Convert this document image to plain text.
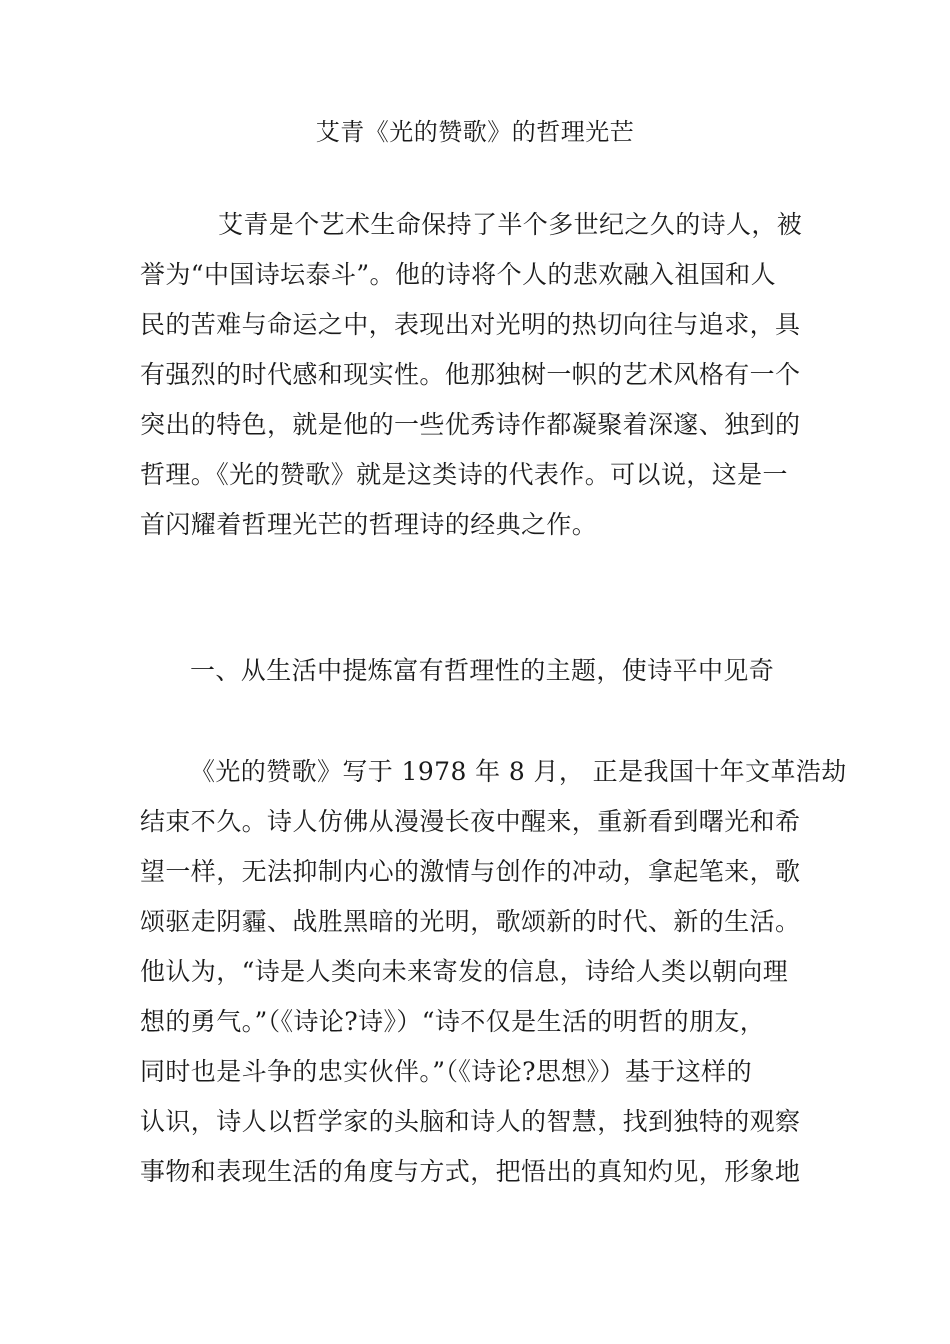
艾青《光的赞歌》的哲理光芒
艾青是个艺术生命保持了半个多世纪之久的诗人，被
誉为“中国诗坛泰斗”。他的诗将个人的悲欢融入祖国和人
民的苦难与命运之中，表现出对光明的热切向往与追求，具
有强烈的时代感和现实性。他那独树一帜的艺术风格有一个
突出的特色，就是他的一些优秀诗作都凝聚着深邃、独到的
哲理。《光的赞歌》就是这类诗的代表作。可以说，这是一
首闪耀着哲理光芒的哲理诗的经典之作。
一、从生活中提炼富有哲理性的主题，使诗平中见奇
《光的赞歌》写于 1978 年 8 月， 正是我国十年文革浩劫
结束不久。诗人仿佛从漫漫长夜中醒来，重新看到曙光和希
望一样，无法抑制内心的激情与创作的冲动，拿起笔来，歌
颂驱走阴霾、战胜黑暗的光明，歌颂新的时代、新的生活。
他认为，“诗是人类向未来寄发的信息，诗给人类以朝向理
想的勇气。”（《诗论?诗》）“诗不仅是生活的明哲的朋友，
同时也是斗争的忠实伙伴。”（《诗论?思想》）基于这样的
认识，诗人以哲学家的头脑和诗人的智慧，找到独特的观察
事物和表现生活的角度与方式，把悟出的真知灼见，形象地
